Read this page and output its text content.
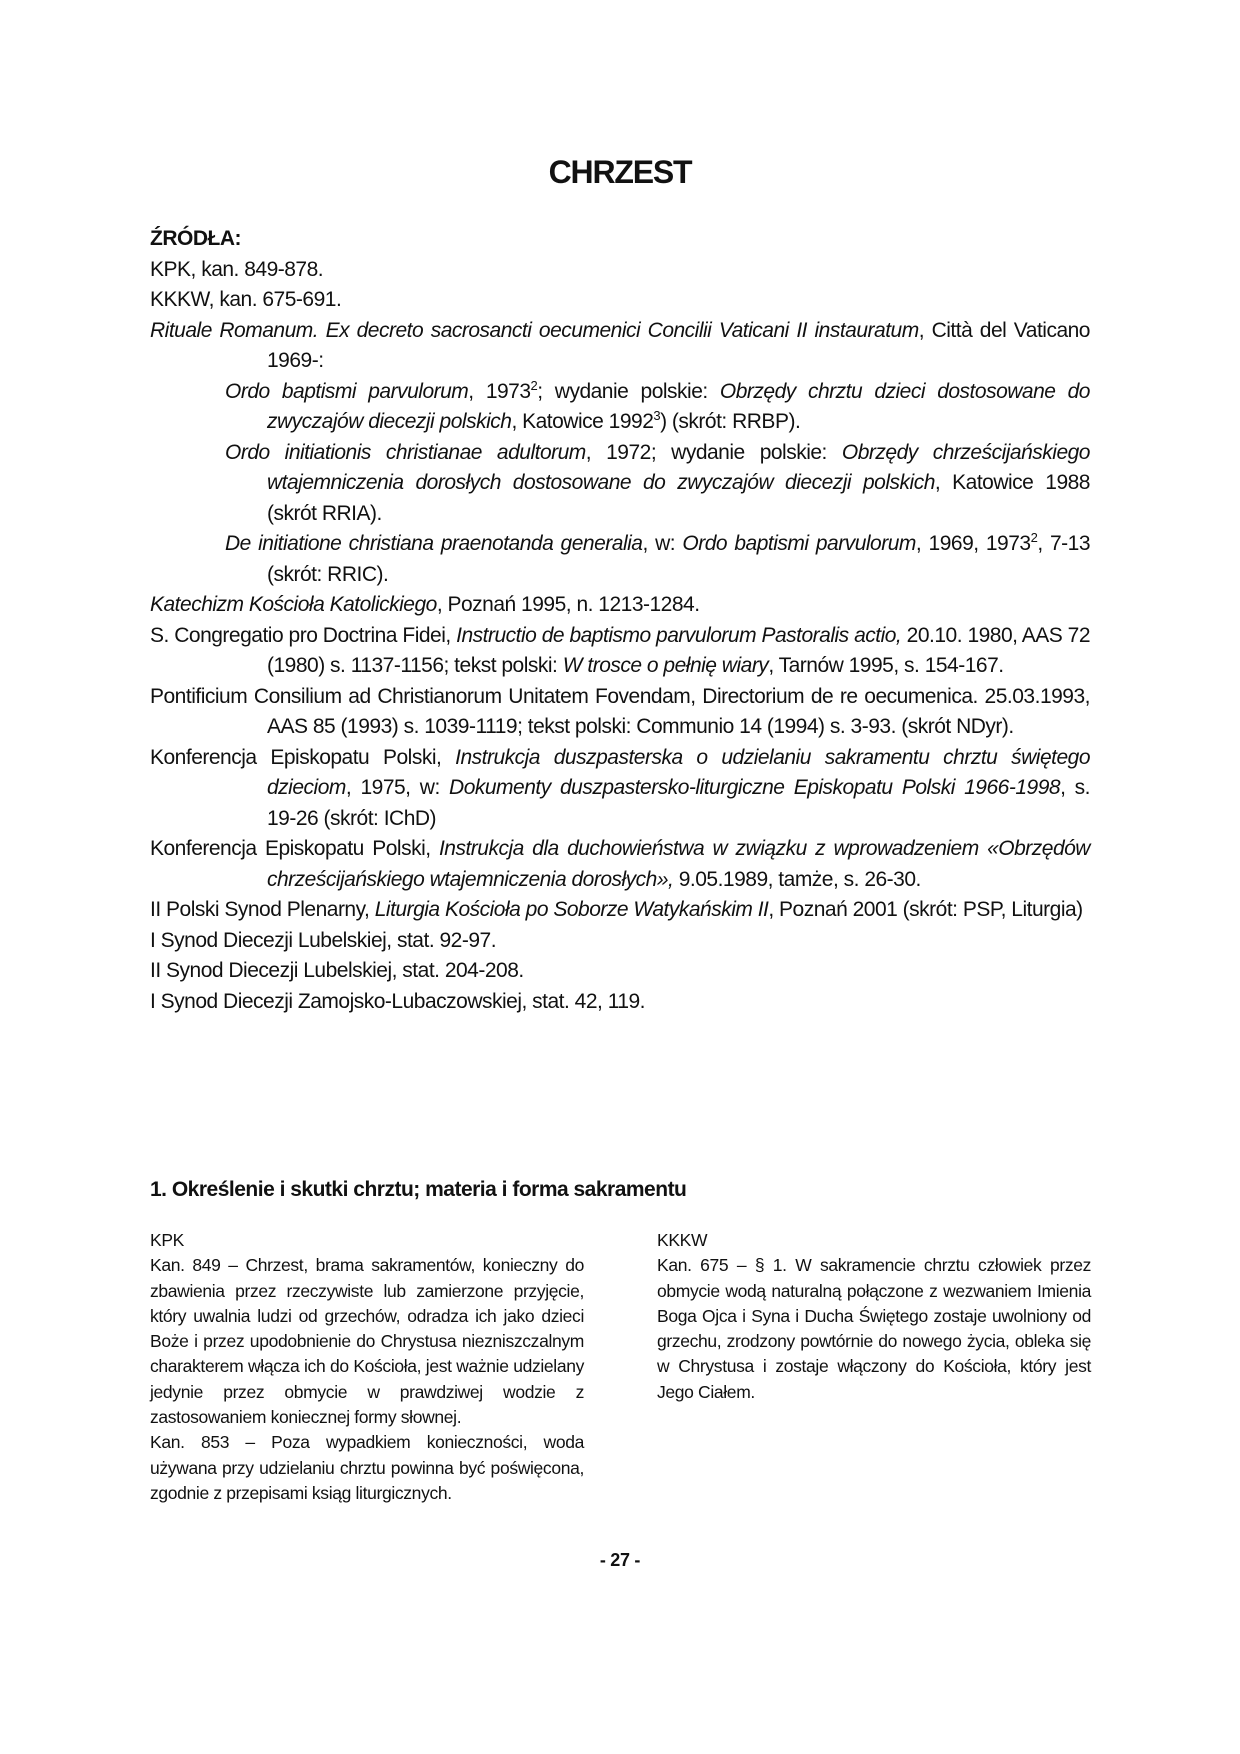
CHRZEST
ŹRÓDŁA:
KPK, kan. 849-878.
KKKW, kan. 675-691.
Rituale Romanum. Ex decreto sacrosancti oecumenici Concilii Vaticani II instauratum, Città del Vaticano 1969-:
Ordo baptismi parvulorum, 1973$^2$; wydanie polskie: Obrzędy chrztu dzieci dostosowane do zwyczajów diecezji polskich, Katowice 1992$^3$) (skrót: RRBP).
Ordo initiationis christianae adultorum, 1972; wydanie polskie: Obrzędy chrześcijańskiego wtajemniczenia dorosłych dostosowane do zwyczajów diecezji polskich, Katowice 1988 (skrót RRIA).
De initiatione christiana praenotanda generalia, w: Ordo baptismi parvulorum, 1969, 1973$^2$, 7-13 (skrót: RRIC).
Katechizm Kościoła Katolickiego, Poznań 1995, n. 1213-1284.
S. Congregatio pro Doctrina Fidei, Instructio de baptismo parvulorum Pastoralis actio, 20.10. 1980, AAS 72 (1980) s. 1137-1156; tekst polski: W trosce o pełnię wiary, Tarnów 1995, s. 154-167.
Pontificium Consilium ad Christianorum Unitatem Fovendam, Directorium de re oecumenica. 25.03.1993, AAS 85 (1993) s. 1039-1119; tekst polski: Communio 14 (1994) s. 3-93. (skrót NDyr).
Konferencja Episkopatu Polski, Instrukcja duszpasterska o udzielaniu sakramentu chrztu świętego dzieciom, 1975, w: Dokumenty duszpastersko-liturgiczne Episkopatu Polski 1966-1998, s. 19-26 (skrót: IChD)
Konferencja Episkopatu Polski, Instrukcja dla duchowieństwa w związku z wprowadzeniem «Obrzędów chrześcijańskiego wtajemniczenia dorosłych», 9.05.1989, tamże, s. 26-30.
II Polski Synod Plenarny, Liturgia Kościoła po Soborze Watykańskim II, Poznań 2001 (skrót: PSP, Liturgia)
I Synod Diecezji Lubelskiej, stat. 92-97.
II Synod Diecezji Lubelskiej, stat. 204-208.
I Synod Diecezji Zamojsko-Lubaczowskiej, stat. 42, 119.
1. Określenie i skutki chrztu; materia i forma sakramentu
KPK

Kan. 849 – Chrzest, brama sakramentów, konieczny do zbawienia przez rzeczywiste lub zamierzone przyjęcie, który uwalnia ludzi od grzechów, odradza ich jako dzieci Boże i przez upodobnienie do Chrystusa niezniszczalnym charakterem włącza ich do Kościoła, jest ważnie udzielany jedynie przez obmycie w prawdziwej wodzie z zastosowaniem koniecznej formy słownej.

Kan. 853 – Poza wypadkiem konieczności, woda używana przy udzielaniu chrztu powinna być poświęcona, zgodnie z przepisami ksiąg liturgicznych.

KKKW

Kan. 675 – § 1. W sakramencie chrztu człowiek przez obmycie wodą naturalną połączone z wezwaniem Imienia Boga Ojca i Syna i Ducha Świętego zostaje uwolniony od grzechu, zrodzony powtórnie do nowego życia, obleka się w Chrystusa i zostaje włączony do Kościoła, który jest Jego Ciałem.

- 27 -
